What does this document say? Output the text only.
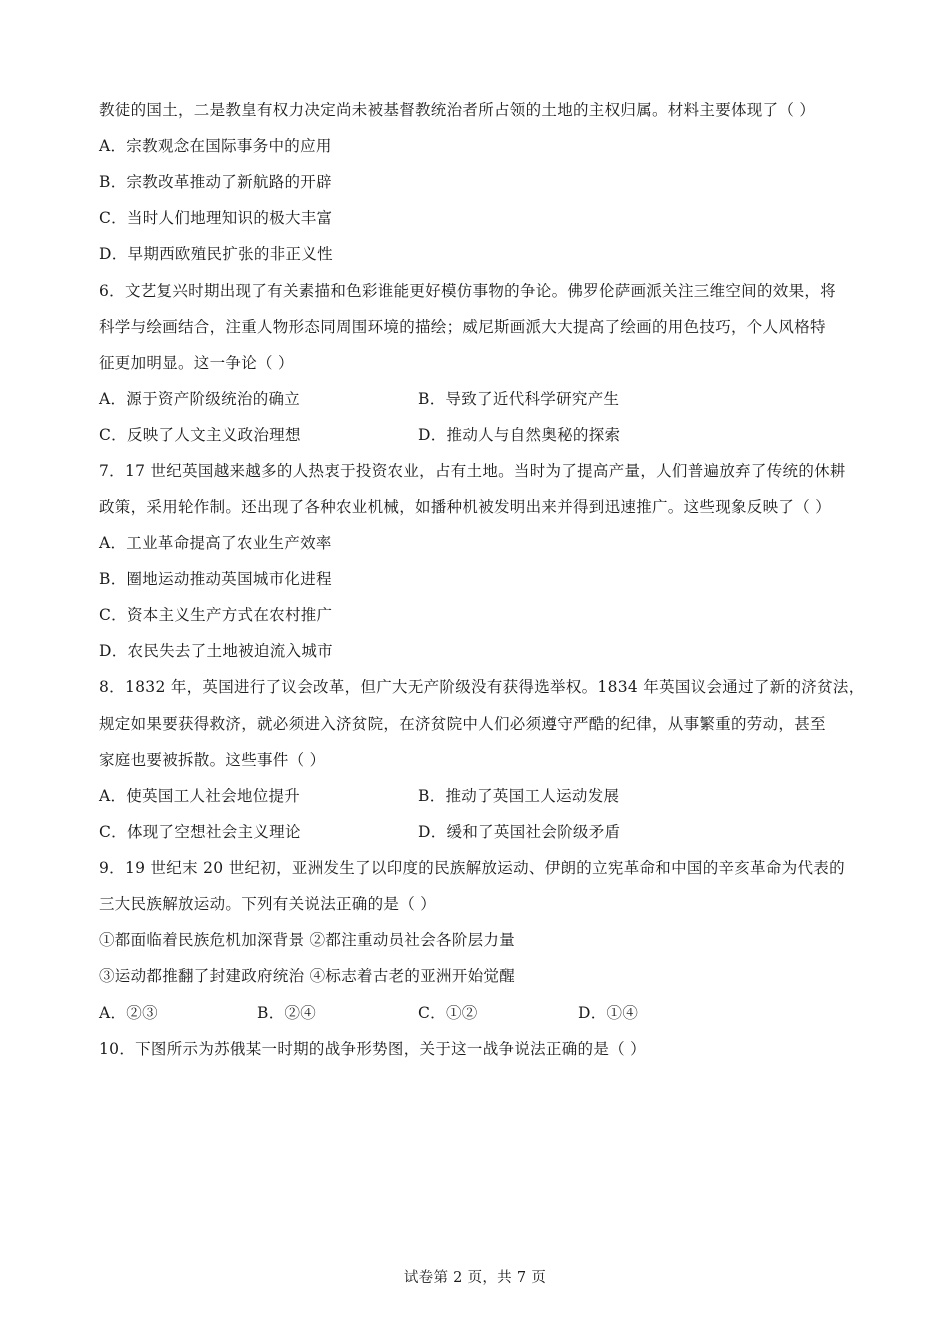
教徒的国土，二是教皇有权力决定尚未被基督教统治者所占领的土地的主权归属。材料主要体现了（ ）
A．宗教观念在国际事务中的应用
B．宗教改革推动了新航路的开辟
C．当时人们地理知识的极大丰富
D．早期西欧殖民扩张的非正义性
6．文艺复兴时期出现了有关素描和色彩谁能更好模仿事物的争论。佛罗伦萨画派关注三维空间的效果，将
科学与绘画结合，注重人物形态同周围环境的描绘；威尼斯画派大大提高了绘画的用色技巧，个人风格特
征更加明显。这一争论（ ）
A．源于资产阶级统治的确立	B．导致了近代科学研究产生
C．反映了人文主义政治理想	D．推动人与自然奥秘的探索
7．17 世纪英国越来越多的人热衷于投资农业，占有土地。当时为了提高产量，人们普遍放弃了传统的休耕
政策，采用轮作制。还出现了各种农业机械，如播种机被发明出来并得到迅速推广。这些现象反映了（ ）
A．工业革命提高了农业生产效率
B．圈地运动推动英国城市化进程
C．资本主义生产方式在农村推广
D．农民失去了土地被迫流入城市
8．1832 年，英国进行了议会改革，但广大无产阶级没有获得选举权。1834 年英国议会通过了新的济贫法，
规定如果要获得救济，就必须进入济贫院，在济贫院中人们必须遵守严酷的纪律，从事繁重的劳动，甚至
家庭也要被拆散。这些事件（ ）
A．使英国工人社会地位提升	B．推动了英国工人运动发展
C．体现了空想社会主义理论	D．缓和了英国社会阶级矛盾
9．19 世纪末 20 世纪初，亚洲发生了以印度的民族解放运动、伊朗的立宪革命和中国的辛亥革命为代表的
三大民族解放运动。下列有关说法正确的是（ ）
①都面临着民族危机加深背景 ②都注重动员社会各阶层力量
③运动都推翻了封建政府统治 ④标志着古老的亚洲开始觉醒
A．②③	B．②④	C．①②	D．①④
10．下图所示为苏俄某一时期的战争形势图，关于这一战争说法正确的是（ ）
试卷第 2 页，共 7 页
